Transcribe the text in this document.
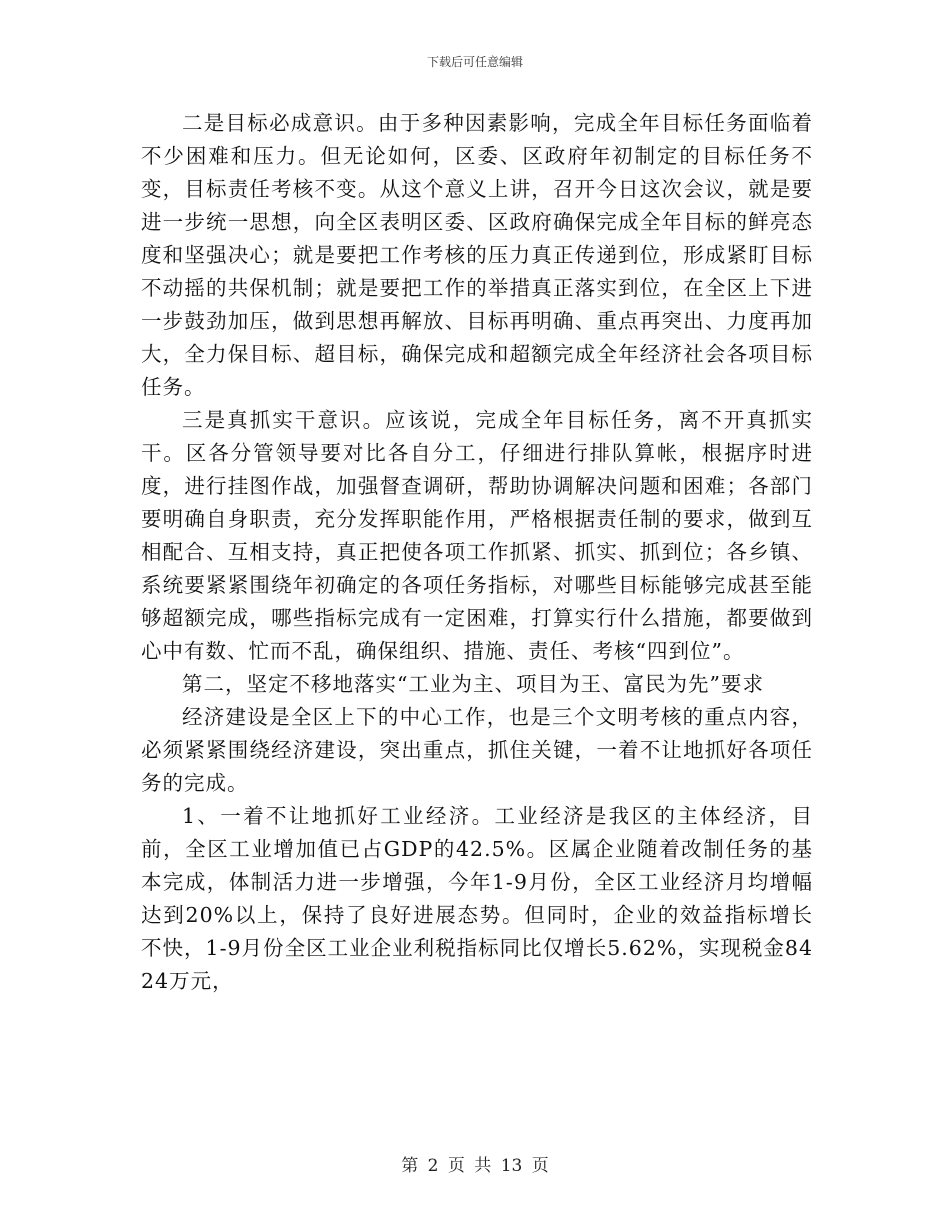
下载后可任意编辑

二是目标必成意识。由于多种因素影响，完成全年目标任务面临着不少困难和压力。但无论如何，区委、区政府年初制定的目标任务不变，目标责任考核不变。从这个意义上讲，召开今日这次会议，就是要进一步统一思想，向全区表明区委、区政府确保完成全年目标的鲜亮态度和坚强决心；就是要把工作考核的压力真正传递到位，形成紧盯目标不动摇的共保机制；就是要把工作的举措真正落实到位，在全区上下进一步鼓劲加压，做到思想再解放、目标再明确、重点再突出、力度再加大，全力保目标、超目标，确保完成和超额完成全年经济社会各项目标任务。

三是真抓实干意识。应该说，完成全年目标任务，离不开真抓实干。区各分管领导要对比各自分工，仔细进行排队算帐，根据序时进度，进行挂图作战，加强督查调研，帮助协调解决问题和困难；各部门要明确自身职责，充分发挥职能作用，严格根据责任制的要求，做到互相配合、互相支持，真正把使各项工作抓紧、抓实、抓到位；各乡镇、系统要紧紧围绕年初确定的各项任务指标，对哪些目标能够完成甚至能够超额完成，哪些指标完成有一定困难，打算实行什么措施，都要做到心中有数、忙而不乱，确保组织、措施、责任、考核“四到位”。

第二，坚定不移地落实“工业为主、项目为王、富民为先”要求

经济建设是全区上下的中心工作，也是三个文明考核的重点内容，必须紧紧围绕经济建设，突出重点，抓住关键，一着不让地抓好各项任务的完成。

1、一着不让地抓好工业经济。工业经济是我区的主体经济，目前，全区工业增加值已占GDP的42.5%。区属企业随着改制任务的基本完成，体制活力进一步增强，今年1-9月份，全区工业经济月均增幅达到20%以上，保持了良好进展态势。但同时，企业的效益指标增长不快，1-9月份全区工业企业利税指标同比仅增长5.62%，实现税金8424万元，

第 2 页 共 13 页
